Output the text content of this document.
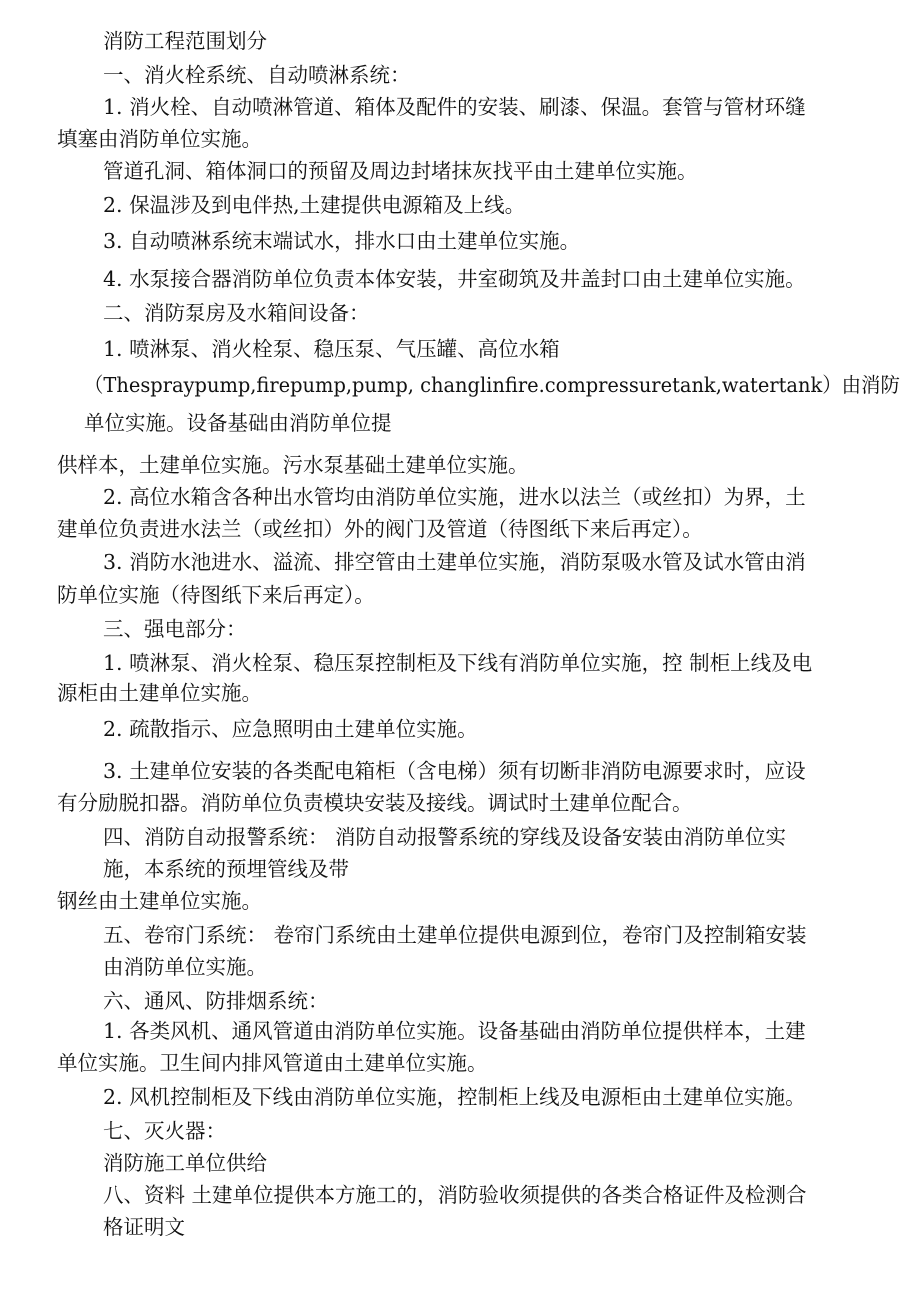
消防工程范围划分
一、消火栓系统、自动喷淋系统：
1. 消火栓、自动喷淋管道、箱体及配件的安装、刷漆、保温。套管与管材环缝
填塞由消防单位实施。
管道孔洞、箱体洞口的预留及周边封堵抹灰找平由土建单位实施。
2. 保温涉及到电伴热,土建提供电源箱及上线。
3. 自动喷淋系统末端试水，排水口由土建单位实施。
4. 水泵接合器消防单位负责本体安装，井室砌筑及井盖封口由土建单位实施。
二、消防泵房及水箱间设备：
1. 喷淋泵、消火栓泵、稳压泵、气压罐、高位水箱
（Thespraypump,firepump,pump, changlinfire.compressuretank,watertank）由消防
单位实施。设备基础由消防单位提
供样本，土建单位实施。污水泵基础土建单位实施。
2. 高位水箱含各种出水管均由消防单位实施，进水以法兰（或丝扣）为界，土
建单位负责进水法兰（或丝扣）外的阀门及管道（待图纸下来后再定）。
3. 消防水池进水、溢流、排空管由土建单位实施，消防泵吸水管及试水管由消
防单位实施（待图纸下来后再定）。
三、强电部分：
1. 喷淋泵、消火栓泵、稳压泵控制柜及下线有消防单位实施，控 制柜上线及电
源柜由土建单位实施。
2. 疏散指示、应急照明由土建单位实施。
3. 土建单位安装的各类配电箱柜（含电梯）须有切断非消防电源要求时，应设
有分励脱扣器。消防单位负责模块安装及接线。调试时土建单位配合。
四、消防自动报警系统： 消防自动报警系统的穿线及设备安装由消防单位实
施，本系统的预埋管线及带
钢丝由土建单位实施。
五、卷帘门系统： 卷帘门系统由土建单位提供电源到位，卷帘门及控制箱安装
由消防单位实施。
六、通风、防排烟系统：
1. 各类风机、通风管道由消防单位实施。设备基础由消防单位提供样本，土建
单位实施。卫生间内排风管道由土建单位实施。
2. 风机控制柜及下线由消防单位实施，控制柜上线及电源柜由土建单位实施。
七、灭火器：
消防施工单位供给
八、资料 土建单位提供本方施工的，消防验收须提供的各类合格证件及检测合
格证明文
